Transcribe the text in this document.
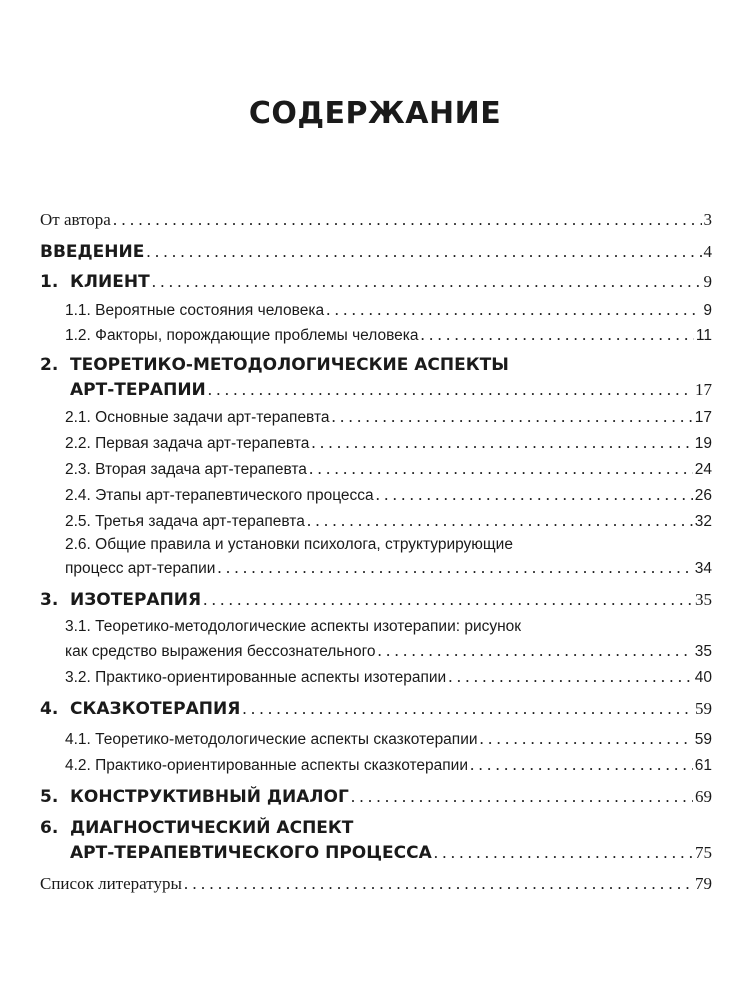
СОДЕРЖАНИЕ
От автора . . .	3
ВВЕДЕНИЕ . . .	4
1. КЛИЕНТ . . .	9
1.1. Вероятные состояния человека . . .	9
1.2. Факторы, порождающие проблемы человека . . .	11
2. ТЕОРЕТИКО-МЕТОДОЛОГИЧЕСКИЕ АСПЕКТЫ
АРТ-ТЕРАПИИ . . .	17
2.1. Основные задачи арт-терапевта . . .	17
2.2. Первая задача арт-терапевта . . .	19
2.3. Вторая задача арт-терапевта . . .	24
2.4. Этапы арт-терапевтического процесса . . .	26
2.5. Третья задача арт-терапевта . . .	32
2.6. Общие правила и установки психолога, структурирующие
процесс арт-терапии . . .	34
3. ИЗОТЕРАПИЯ . . .	35
3.1. Теоретико-методологические аспекты изотерапии: рисунок
как средство выражения бессознательного . . .	35
3.2. Практико-ориентированные аспекты изотерапии . . .	40
4. СКАЗКОТЕРАПИЯ . . .	59
4.1. Теоретико-методологические аспекты сказкотерапии . . .	59
4.2. Практико-ориентированные аспекты сказкотерапии . . .	61
5. КОНСТРУКТИВНЫЙ ДИАЛОГ . . .	69
6. ДИАГНОСТИЧЕСКИЙ АСПЕКТ
АРТ-ТЕРАПЕВТИЧЕСКОГО ПРОЦЕССА . . .	75
Список литературы . . .	79
